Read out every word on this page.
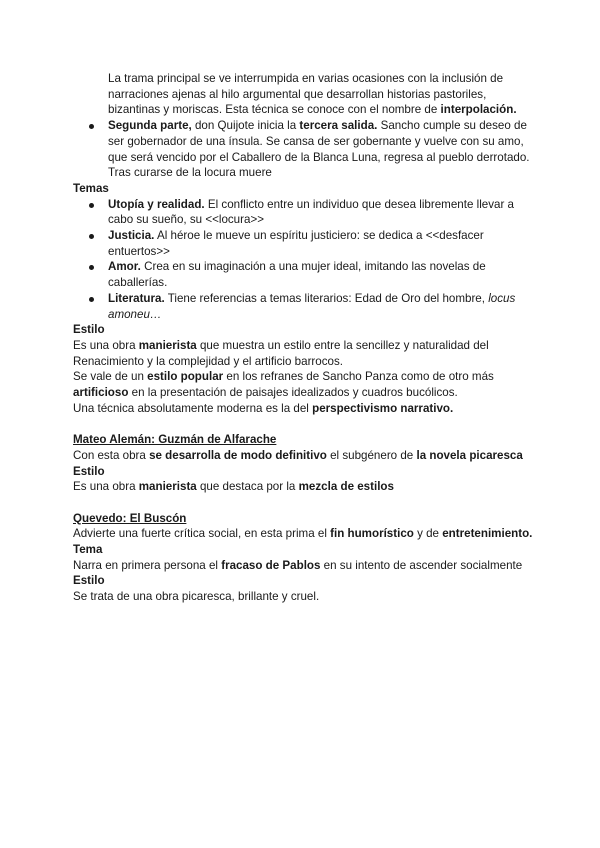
La trama principal se ve interrumpida en varias ocasiones con la inclusión de narraciones ajenas al hilo argumental que desarrollan historias pastoriles, bizantinas y moriscas. Esta técnica se conoce con el nombre de interpolación.
Segunda parte, don Quijote inicia la tercera salida. Sancho cumple su deseo de ser gobernador de una ínsula. Se cansa de ser gobernante y vuelve con su amo, que será vencido por el Caballero de la Blanca Luna, regresa al pueblo derrotado.
Tras curarse de la locura muere
Temas
Utopía y realidad. El conflicto entre un individuo que desea libremente llevar a cabo su sueño, su <<locura>>
Justicia. Al héroe le mueve un espíritu justiciero: se dedica a <<desfacer entuertos>>
Amor. Crea en su imaginación a una mujer ideal, imitando las novelas de caballerías.
Literatura. Tiene referencias a temas literarios: Edad de Oro del hombre, locus amoneu…
Estilo
Es una obra manierista que muestra un estilo entre la sencillez y naturalidad del Renacimiento y la complejidad y el artificio barrocos.
Se vale de un estilo popular en los refranes de Sancho Panza como de otro más artificioso en la presentación de paisajes idealizados y cuadros bucólicos.
Una técnica absolutamente moderna es la del perspectivismo narrativo.
Mateo Alemán: Guzmán de Alfarache
Con esta obra se desarrolla de modo definitivo el subgénero de la novela picaresca
Estilo
Es una obra manierista que destaca por la mezcla de estilos
Quevedo: El Buscón
Advierte una fuerte crítica social, en esta prima el fin humorístico y de entretenimiento.
Tema
Narra en primera persona el fracaso de Pablos en su intento de ascender socialmente
Estilo
Se trata de una obra picaresca, brillante y cruel.
